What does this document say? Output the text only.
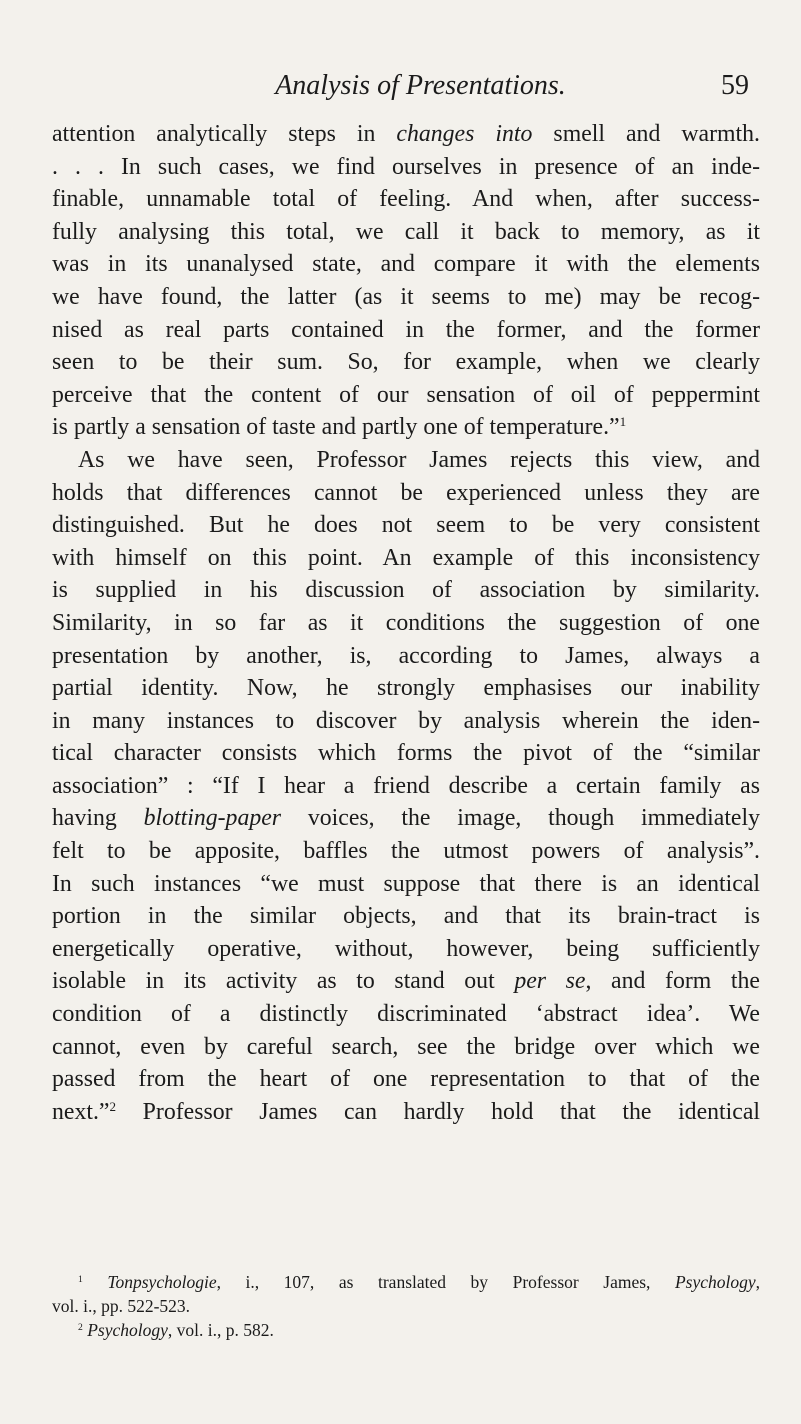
Analysis of Presentations.	59
attention analytically steps in changes into smell and warmth.
. . . In such cases, we find ourselves in presence of an inde-
finable, unnamable total of feeling. And when, after success-
fully analysing this total, we call it back to memory, as it
was in its unanalysed state, and compare it with the elements
we have found, the latter (as it seems to me) may be recog-
nised as real parts contained in the former, and the former
seen to be their sum. So, for example, when we clearly
perceive that the content of our sensation of oil of peppermint
is partly a sensation of taste and partly one of temperature.”$^1$
As we have seen, Professor James rejects this view, and
holds that differences cannot be experienced unless they are
distinguished. But he does not seem to be very consistent
with himself on this point. An example of this inconsistency
is supplied in his discussion of association by similarity.
Similarity, in so far as it conditions the suggestion of one
presentation by another, is, according to James, always a
partial identity. Now, he strongly emphasises our inability
in many instances to discover by analysis wherein the iden-
tical character consists which forms the pivot of the “similar
association” : “If I hear a friend describe a certain family as
having blotting-paper voices, the image, though immediately
felt to be apposite, baffles the utmost powers of analysis”.
In such instances “we must suppose that there is an identical
portion in the similar objects, and that its brain-tract is
energetically operative, without, however, being sufficiently
isolable in its activity as to stand out per se, and form the
condition of a distinctly discriminated ‘abstract idea’. We
cannot, even by careful search, see the bridge over which we
passed from the heart of one representation to that of the
next.”$^2$ Professor James can hardly hold that the identical
$^1$ Tonpsychologie, i., 107, as translated by Professor James, Psychology,
vol. i., pp. 522-523.
$^2$ Psychology, vol. i., p. 582.
